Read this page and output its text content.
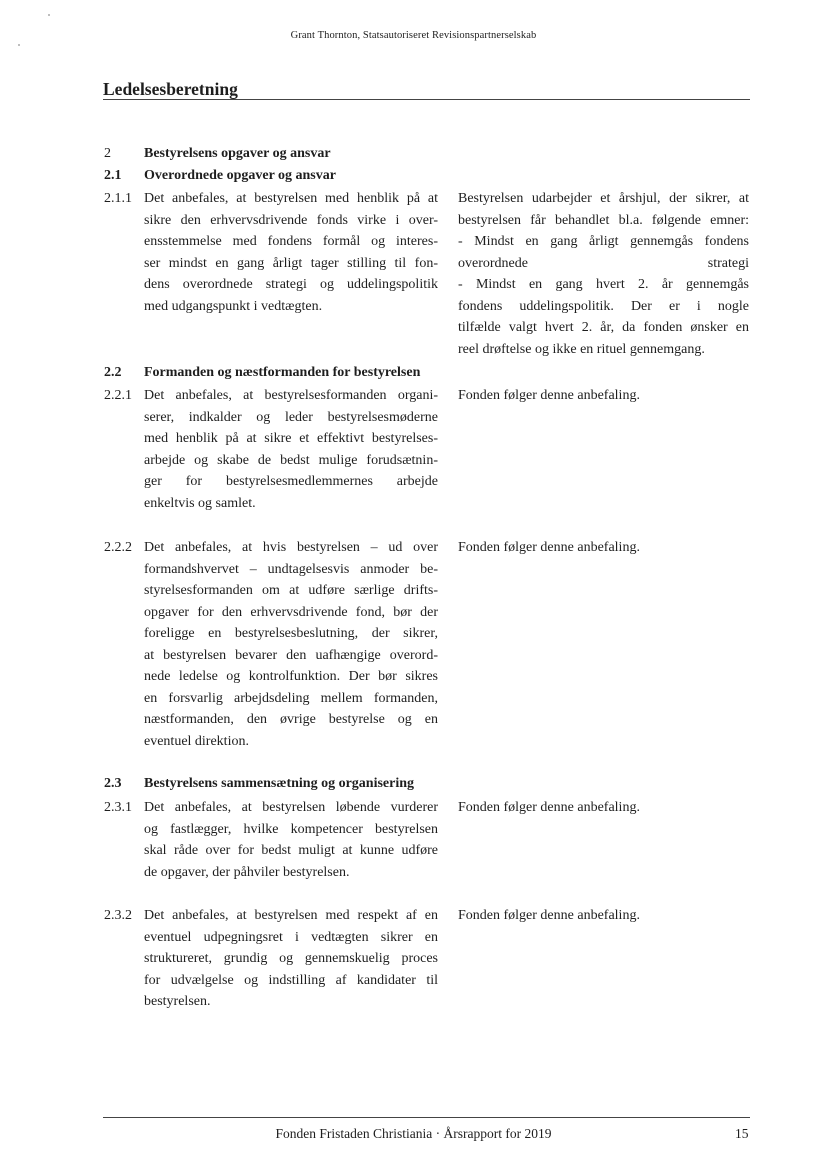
Grant Thornton, Statsautoriseret Revisionspartnerselskab
Ledelsesberetning
2 Bestyrelsens opgaver og ansvar
2.1 Overordnede opgaver og ansvar
2.2 Formanden og næstformanden for bestyrelsen
2.3 Bestyrelsens sammensætning og organisering
2.1.1 Det anbefales, at bestyrelsen med henblik på at
sikre den erhvervsdrivende fonds virke i over-
ensstemmelse med fondens formål og interes-
ser mindst en gang årligt tager stilling til fon-
dens overordnede strategi og uddelingspolitik
med udgangspunkt i vedtægten.
Bestyrelsen udarbejder et årshjul, der sikrer, at
bestyrelsen får behandlet bl.a. følgende emner:
- Mindst en gang årligt gennemgås fondens
overordnede strategi
- Mindst en gang hvert 2. år gennemgås
fondens uddelingspolitik. Der er i nogle
tilfælde valgt hvert 2. år, da fonden ønsker en
reel drøftelse og ikke en rituel gennemgang.
2.2.1 Det anbefales, at bestyrelsesformanden organi-
serer, indkalder og leder bestyrelsesmøderne
med henblik på at sikre et effektivt bestyrelses-
arbejde og skabe de bedst mulige forudsætnin-
ger for bestyrelsesmedlemmernes arbejde
enkeltvis og samlet.
Fonden følger denne anbefaling.
2.2.2 Det anbefales, at hvis bestyrelsen – ud over
formandshvervet – undtagelsesvis anmoder be-
styrelsesformanden om at udføre særlige drifts-
opgaver for den erhvervsdrivende fond, bør der
foreligge en bestyrelsesbeslutning, der sikrer,
at bestyrelsen bevarer den uafhængige overord-
nede ledelse og kontrolfunktion. Der bør sikres
en forsvarlig arbejdsdeling mellem formanden,
næstformanden, den øvrige bestyrelse og en
eventuel direktion.
Fonden følger denne anbefaling.
2.3.1 Det anbefales, at bestyrelsen løbende vurderer
og fastlægger, hvilke kompetencer bestyrelsen
skal råde over for bedst muligt at kunne udføre
de opgaver, der påhviler bestyrelsen.
Fonden følger denne anbefaling.
2.3.2 Det anbefales, at bestyrelsen med respekt af en
eventuel udpegningsret i vedtægten sikrer en
struktureret, grundig og gennemskuelig proces
for udvælgelse og indstilling af kandidater til
bestyrelsen.
Fonden følger denne anbefaling.
Fonden Fristaden Christiania · Årsrapport for 2019	15
